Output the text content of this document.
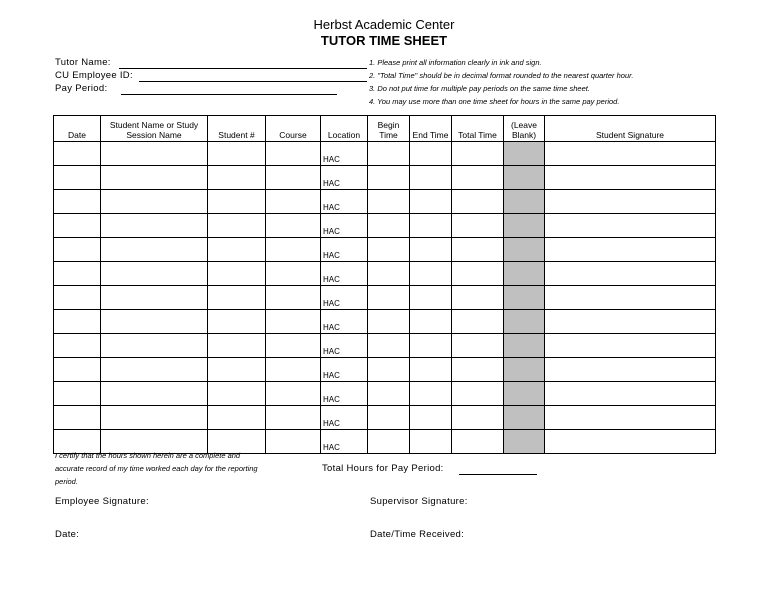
Herbst Academic Center
TUTOR TIME SHEET
Tutor Name:
CU Employee ID:
Pay Period:
1. Please print all information clearly in ink and sign.
2. "Total Time" should be in decimal format rounded to the nearest quarter hour.
3. Do not put time for multiple pay periods on the same time sheet.
4. You may use more than one time sheet for hours in the same pay period.
Date	Student Name or Study Session Name	Student #	Course	Location	Begin Time	End Time	Total Time	(Leave Blank)	Student Signature
				HAC					
				HAC					
				HAC					
				HAC					
				HAC					
				HAC					
				HAC					
				HAC					
				HAC					
				HAC					
				HAC					
				HAC					
				HAC					
I certify that the hours shown herein are a complete and accurate record of my time worked each day for the reporting period.
Total Hours for Pay Period:
Employee Signature:	Supervisor Signature:
Date:	Date/Time Received:
